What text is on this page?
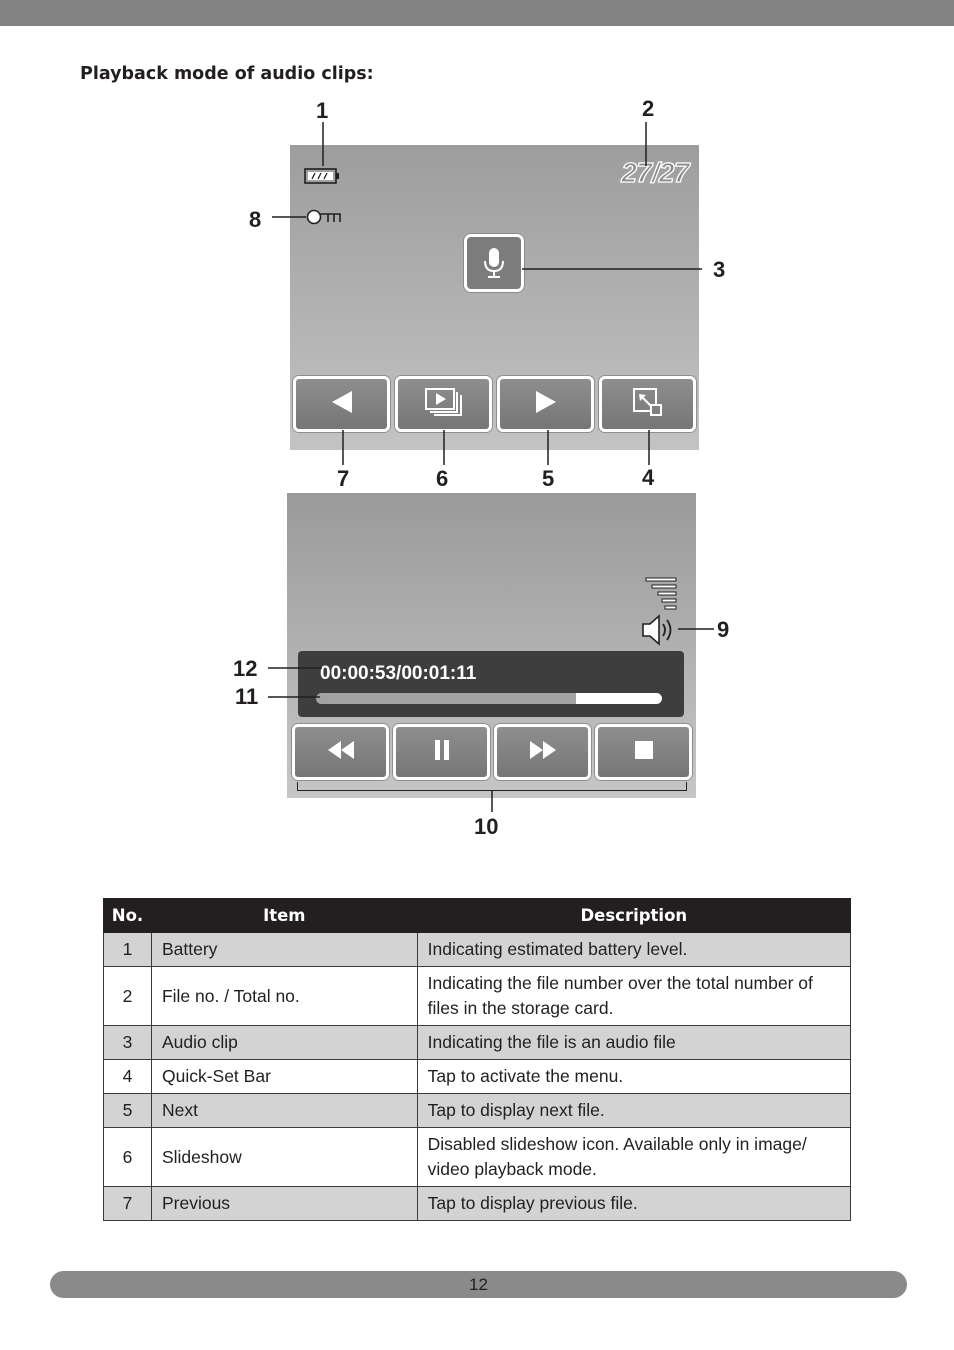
Playback mode of audio clips:
27/27
00:00:53/00:01:11
1	2
3
4
5
6
7
8
9
10
11
12
No.	Item	Description
1	Battery	Indicating estimated battery level.
2	File no. / Total no.	Indicating the file number over the total number of files in the storage card.
3	Audio clip	Indicating the file is an audio file
4	Quick-Set Bar	Tap to activate the menu.
5	Next	Tap to display next file.
6	Slideshow	Disabled slideshow icon. Available only in image/ video playback mode.
7	Previous	Tap to display previous file.
12
